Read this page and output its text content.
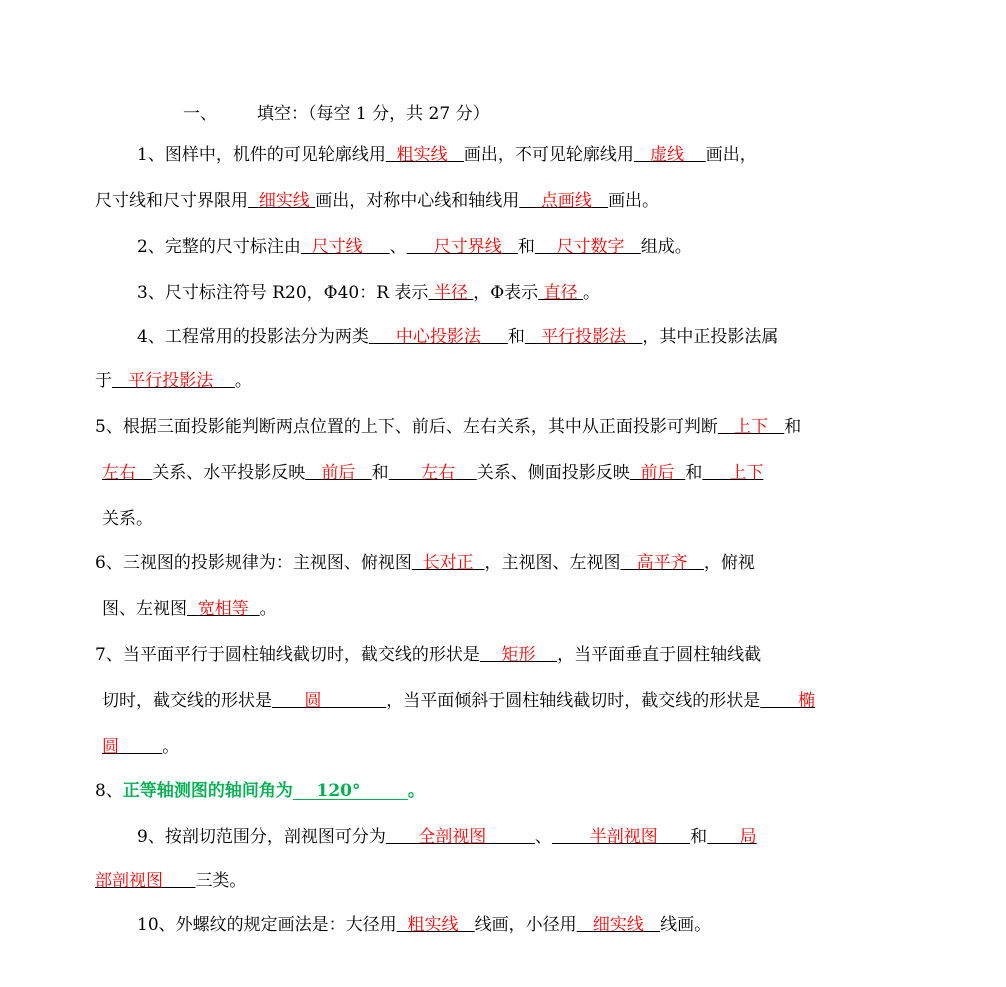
一、 填空：（每空 1 分，共 27 分）
1、图样中，机件的可见轮廓线用 粗实线 画出，不可见轮廓线用 虚线 画出，
尺寸线和尺寸界限用 细实线 画出，对称中心线和轴线用 点画线 画出。
2、完整的尺寸标注由 尺寸线 、 尺寸界线 和 尺寸数字 组成。
3、尺寸标注符号 R20，Φ40：R 表示 半径 ，Φ表示 直径 。
4、工程常用的投影法分为两类 中心投影法 和 平行投影法 ，其中正投影法属
于 平行投影法 。
5、根据三面投影能判断两点位置的上下、前后、左右关系，其中从正面投影可判断 上下 和
左右 关系、水平投影反映 前后 和 左右 关系、侧面投影反映 前后 和 上下
关系。
6、三视图的投影规律为：主视图、俯视图 长对正 ，主视图、左视图 高平齐 ，俯视
图、左视图 宽相等 。
7、当平面平行于圆柱轴线截切时，截交线的形状是 矩形 ，当平面垂直于圆柱轴线截
切时，截交线的形状是 圆	，当平面倾斜于圆柱轴线截切时，截交线的形状是 椭
圆	。
8、正等轴测图的轴间角为 120°	。
9、按剖切范围分，剖视图可分为 全剖视图	、 半剖视图 和 局
部剖视图 三类。
10、外螺纹的规定画法是：大径用 粗实线 线画，小径用 细实线 线画。
